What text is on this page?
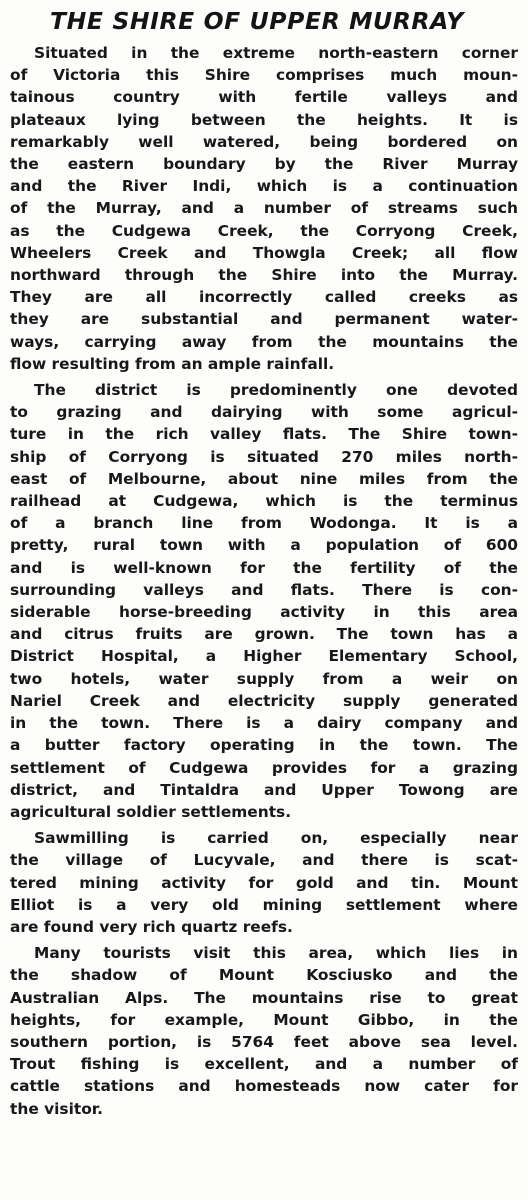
THE SHIRE OF UPPER MURRAY
Situated in the extreme north-eastern corner
of Victoria this Shire comprises much moun-
tainous country with fertile valleys and
plateaux lying between the heights. It is
remarkably well watered, being bordered on
the eastern boundary by the River Murray
and the River Indi, which is a continuation
of the Murray, and a number of streams such
as the Cudgewa Creek, the Corryong Creek,
Wheelers Creek and Thowgla Creek; all flow
northward through the Shire into the Murray.
They are all incorrectly called creeks as
they are substantial and permanent water-
ways, carrying away from the mountains the
flow resulting from an ample rainfall.
The district is predominently one devoted
to grazing and dairying with some agricul-
ture in the rich valley flats. The Shire town-
ship of Corryong is situated 270 miles north-
east of Melbourne, about nine miles from the
railhead at Cudgewa, which is the terminus
of a branch line from Wodonga. It is a
pretty, rural town with a population of 600
and is well-known for the fertility of the
surrounding valleys and flats. There is con-
siderable horse-breeding activity in this area
and citrus fruits are grown. The town has a
District Hospital, a Higher Elementary School,
two hotels, water supply from a weir on
Nariel Creek and electricity supply generated
in the town. There is a dairy company and
a butter factory operating in the town. The
settlement of Cudgewa provides for a grazing
district, and Tintaldra and Upper Towong are
agricultural soldier settlements.
Sawmilling is carried on, especially near
the village of Lucyvale, and there is scat-
tered mining activity for gold and tin. Mount
Elliot is a very old mining settlement where
are found very rich quartz reefs.
Many tourists visit this area, which lies in
the shadow of Mount Kosciusko and the
Australian Alps. The mountains rise to great
heights, for example, Mount Gibbo, in the
southern portion, is 5764 feet above sea level.
Trout fishing is excellent, and a number of
cattle stations and homesteads now cater for
the visitor.
